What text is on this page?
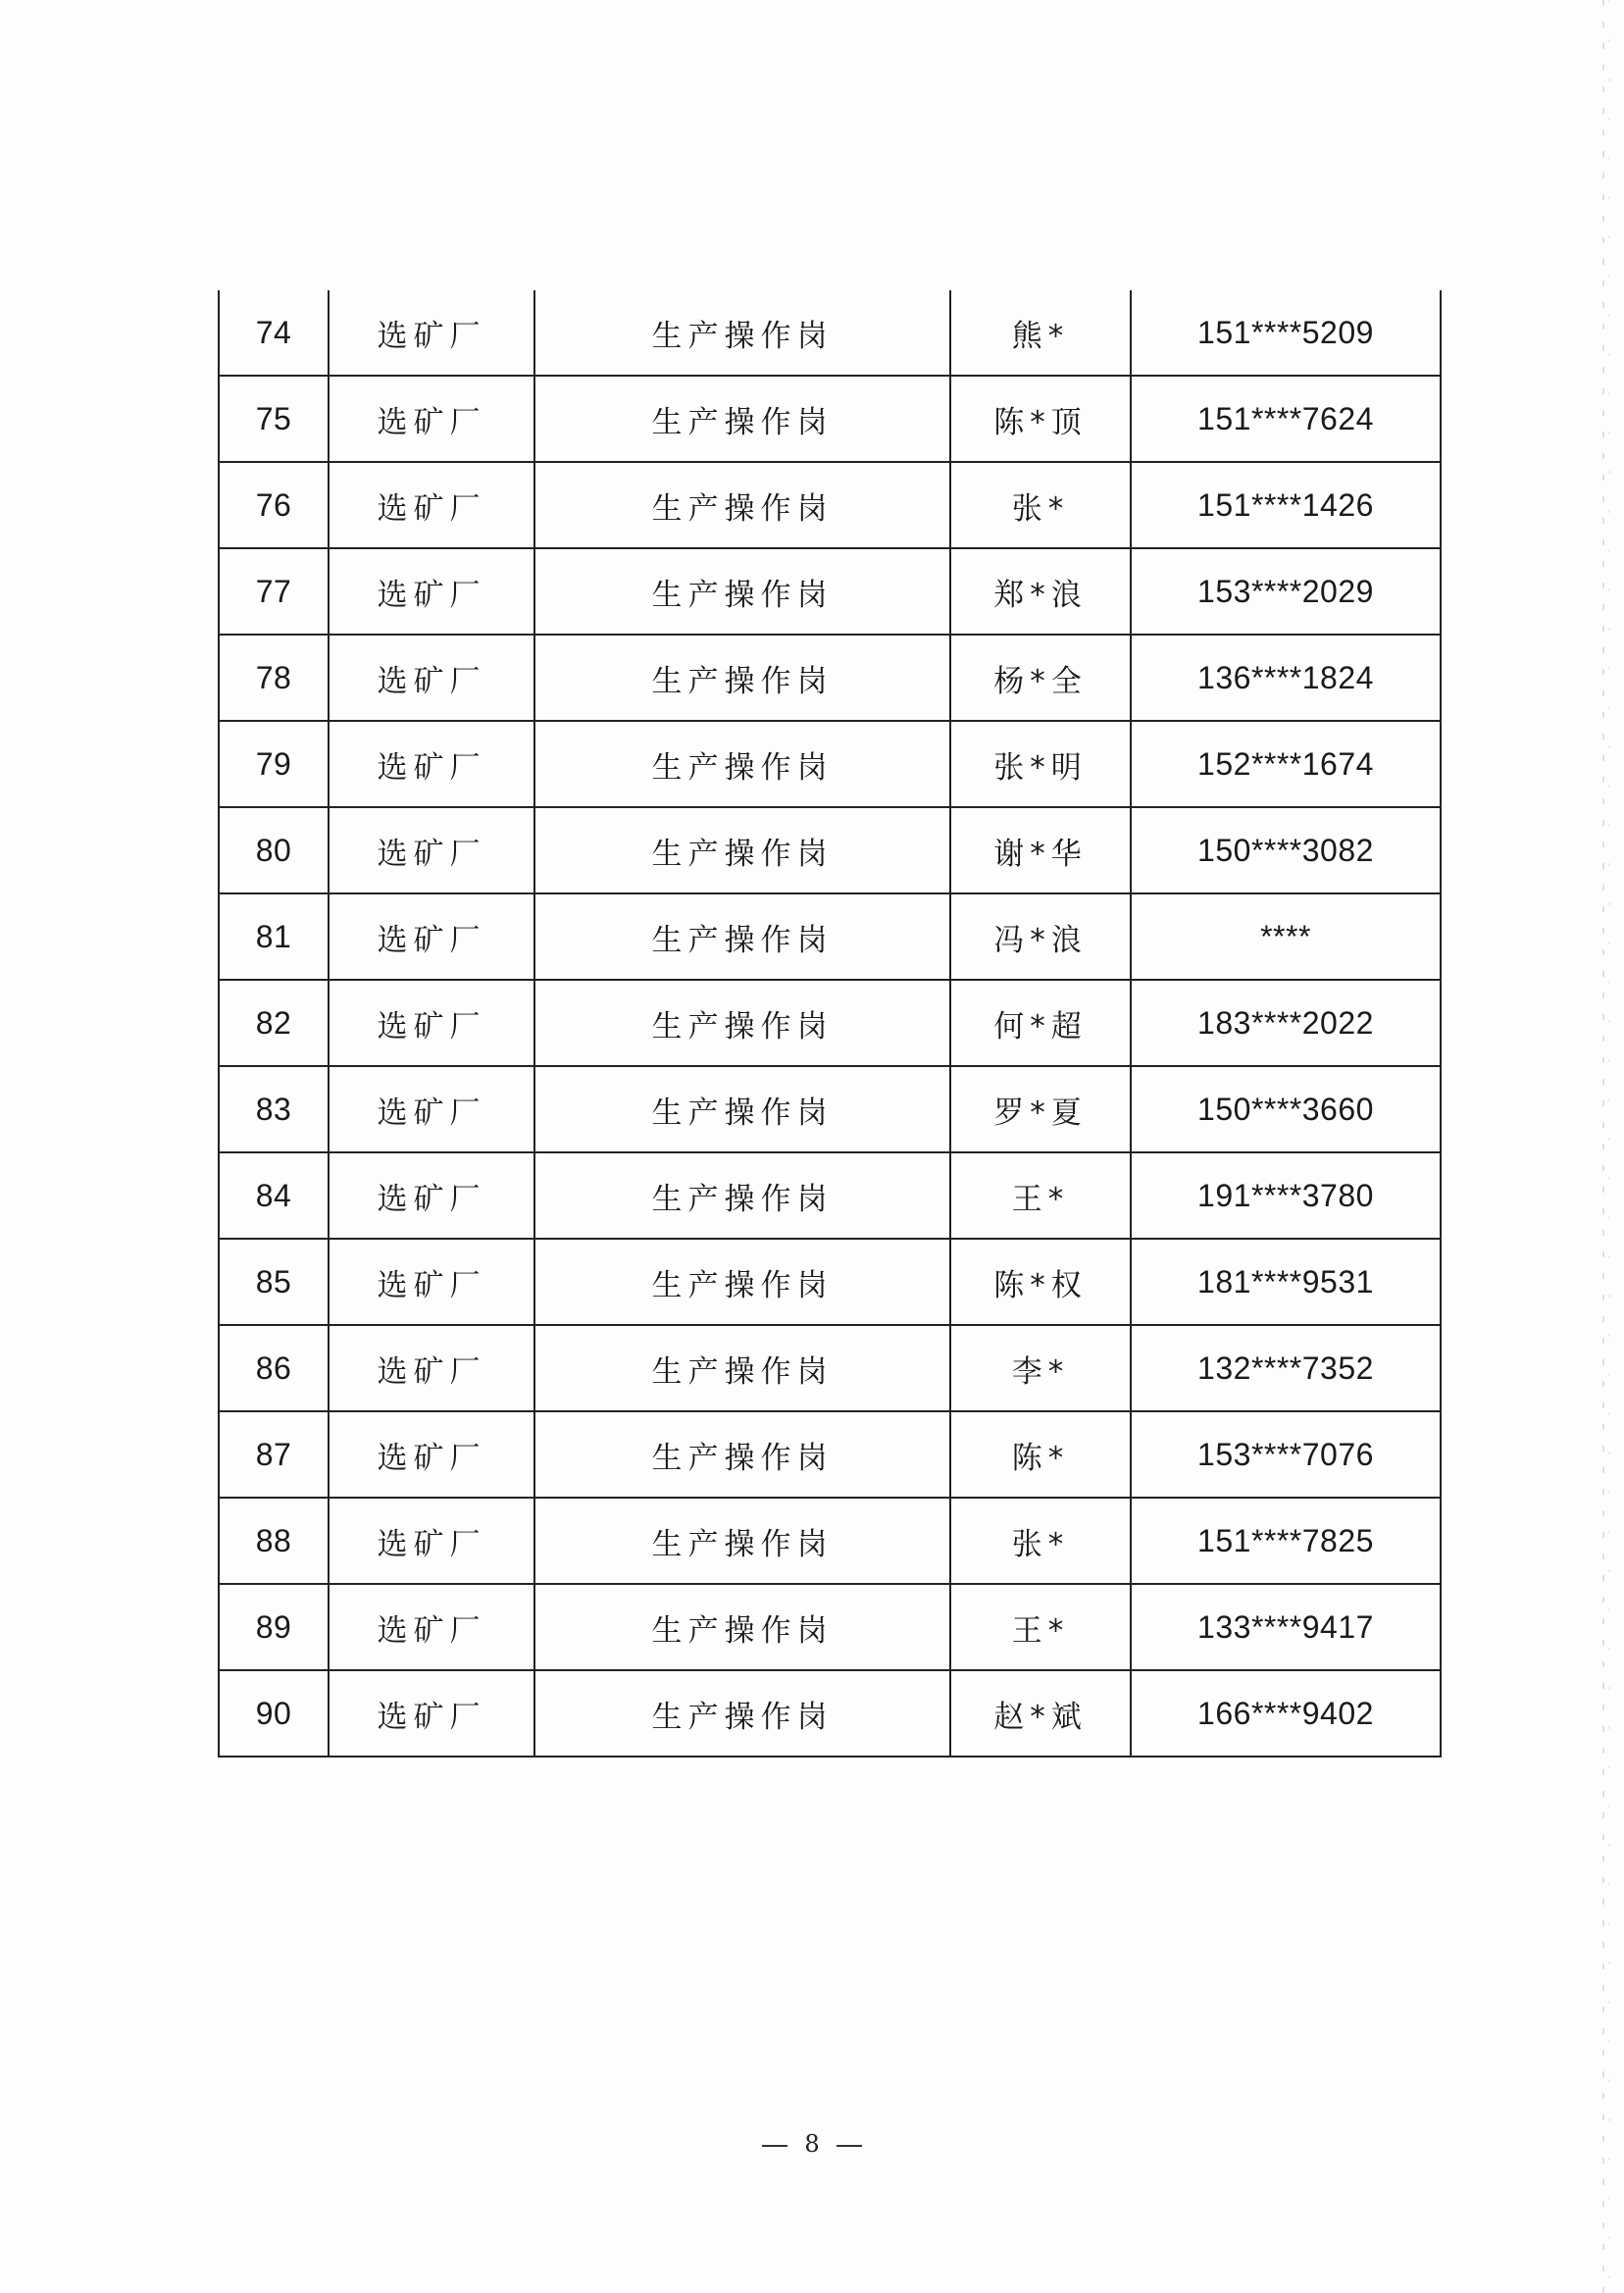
74	选矿厂	生产操作岗	熊*	151****5209
75	选矿厂	生产操作岗	陈*顶	151****7624
76	选矿厂	生产操作岗	张*	151****1426
77	选矿厂	生产操作岗	郑*浪	153****2029
78	选矿厂	生产操作岗	杨*全	136****1824
79	选矿厂	生产操作岗	张*明	152****1674
80	选矿厂	生产操作岗	谢*华	150****3082
81	选矿厂	生产操作岗	冯*浪	****
82	选矿厂	生产操作岗	何*超	183****2022
83	选矿厂	生产操作岗	罗*夏	150****3660
84	选矿厂	生产操作岗	王*	191****3780
85	选矿厂	生产操作岗	陈*权	181****9531
86	选矿厂	生产操作岗	李*	132****7352
87	选矿厂	生产操作岗	陈*	153****7076
88	选矿厂	生产操作岗	张*	151****7825
89	选矿厂	生产操作岗	王*	133****9417
90	选矿厂	生产操作岗	赵*斌	166****9402
8
